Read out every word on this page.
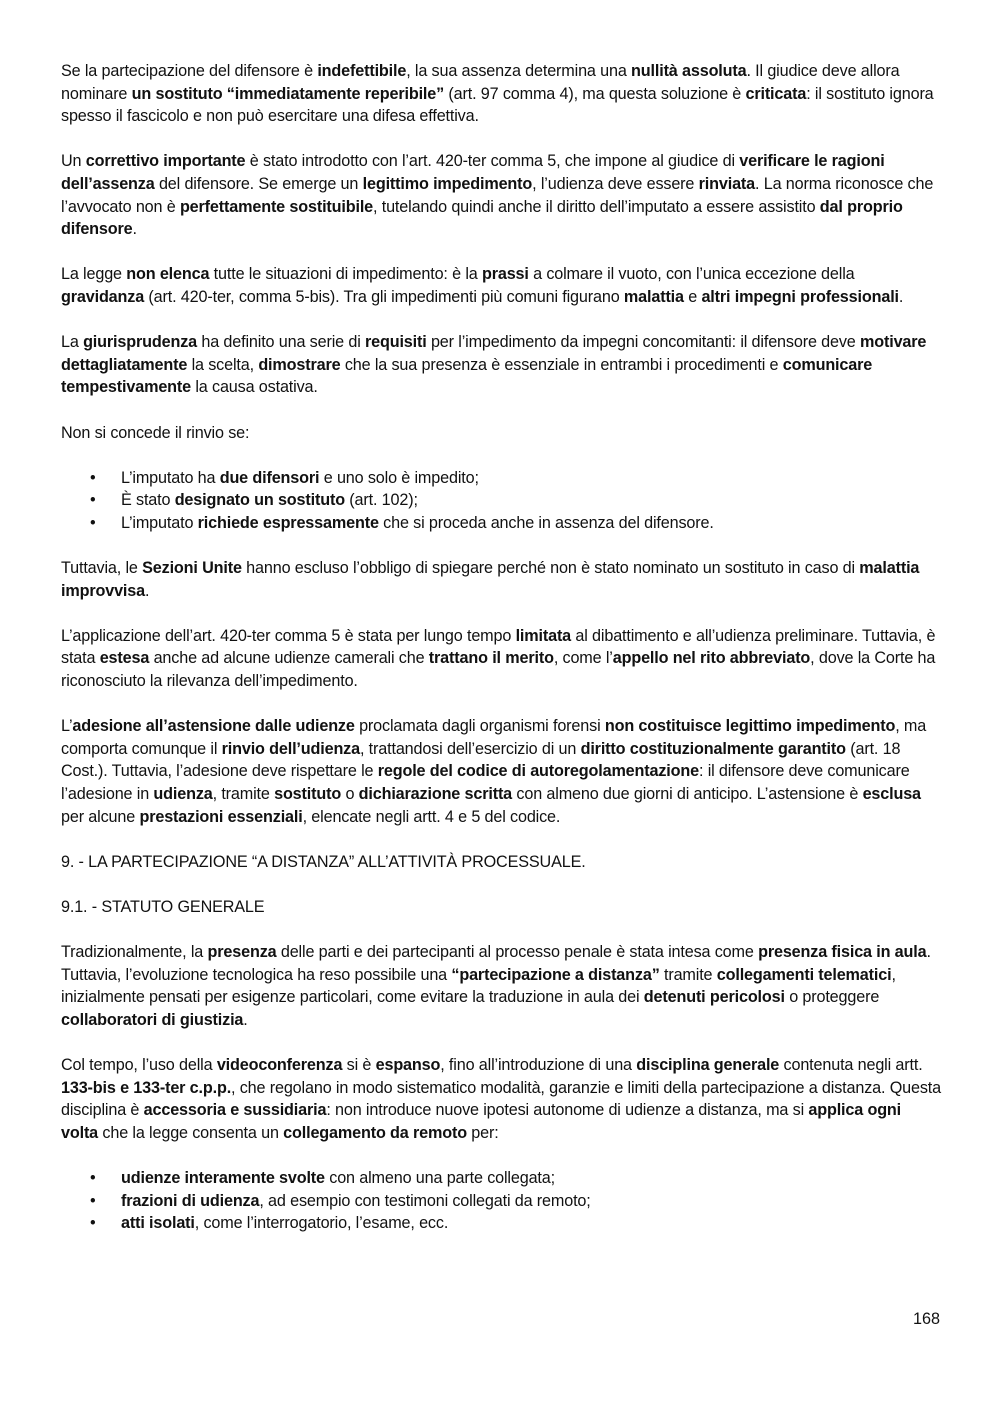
Se la partecipazione del difensore è indefettibile, la sua assenza determina una nullità assoluta. Il giudice deve allora nominare un sostituto “immediatamente reperibile” (art. 97 comma 4), ma questa soluzione è criticata: il sostituto ignora spesso il fascicolo e non può esercitare una difesa effettiva.

Un correttivo importante è stato introdotto con l’art. 420-ter comma 5, che impone al giudice di verificare le ragioni dell’assenza del difensore. Se emerge un legittimo impedimento, l’udienza deve essere rinviata. La norma riconosce che l’avvocato non è perfettamente sostituibile, tutelando quindi anche il diritto dell’imputato a essere assistito dal proprio difensore.

La legge non elenca tutte le situazioni di impedimento: è la prassi a colmare il vuoto, con l’unica eccezione della gravidanza (art. 420-ter, comma 5-bis). Tra gli impedimenti più comuni figurano malattia e altri impegni professionali.

La giurisprudenza ha definito una serie di requisiti per l’impedimento da impegni concomitanti: il difensore deve motivare dettagliatamente la scelta, dimostrare che la sua presenza è essenziale in entrambi i procedimenti e comunicare tempestivamente la causa ostativa.

Non si concede il rinvio se:

• L’imputato ha due difensori e uno solo è impedito;
• È stato designato un sostituto (art. 102);
• L’imputato richiede espressamente che si proceda anche in assenza del difensore.

Tuttavia, le Sezioni Unite hanno escluso l’obbligo di spiegare perché non è stato nominato un sostituto in caso di malattia improvvisa.

L’applicazione dell’art. 420-ter comma 5 è stata per lungo tempo limitata al dibattimento e all’udienza preliminare. Tuttavia, è stata estesa anche ad alcune udienze camerali che trattano il merito, come l’appello nel rito abbreviato, dove la Corte ha riconosciuto la rilevanza dell’impedimento.

L’adesione all’astensione dalle udienze proclamata dagli organismi forensi non costituisce legittimo impedimento, ma comporta comunque il rinvio dell’udienza, trattandosi dell’esercizio di un diritto costituzionalmente garantito (art. 18 Cost.). Tuttavia, l’adesione deve rispettare le regole del codice di autoregolamentazione: il difensore deve comunicare l’adesione in udienza, tramite sostituto o dichiarazione scritta con almeno due giorni di anticipo. L’astensione è esclusa per alcune prestazioni essenziali, elencate negli artt. 4 e 5 del codice.

9. - LA PARTECIPAZIONE “A DISTANZA” ALL’ATTIVITÀ PROCESSUALE.

9.1. - STATUTO GENERALE

Tradizionalmente, la presenza delle parti e dei partecipanti al processo penale è stata intesa come presenza fisica in aula. Tuttavia, l’evoluzione tecnologica ha reso possibile una “partecipazione a distanza” tramite collegamenti telematici, inizialmente pensati per esigenze particolari, come evitare la traduzione in aula dei detenuti pericolosi o proteggere collaboratori di giustizia.

Col tempo, l’uso della videoconferenza si è espanso, fino all’introduzione di una disciplina generale contenuta negli artt. 133-bis e 133-ter c.p.p., che regolano in modo sistematico modalità, garanzie e limiti della partecipazione a distanza. Questa disciplina è accessoria e sussidiaria: non introduce nuove ipotesi autonome di udienze a distanza, ma si applica ogni volta che la legge consenta un collegamento da remoto per:

• udienze interamente svolte con almeno una parte collegata;
• frazioni di udienza, ad esempio con testimoni collegati da remoto;
• atti isolati, come l’interrogatorio, l’esame, ecc.
168
